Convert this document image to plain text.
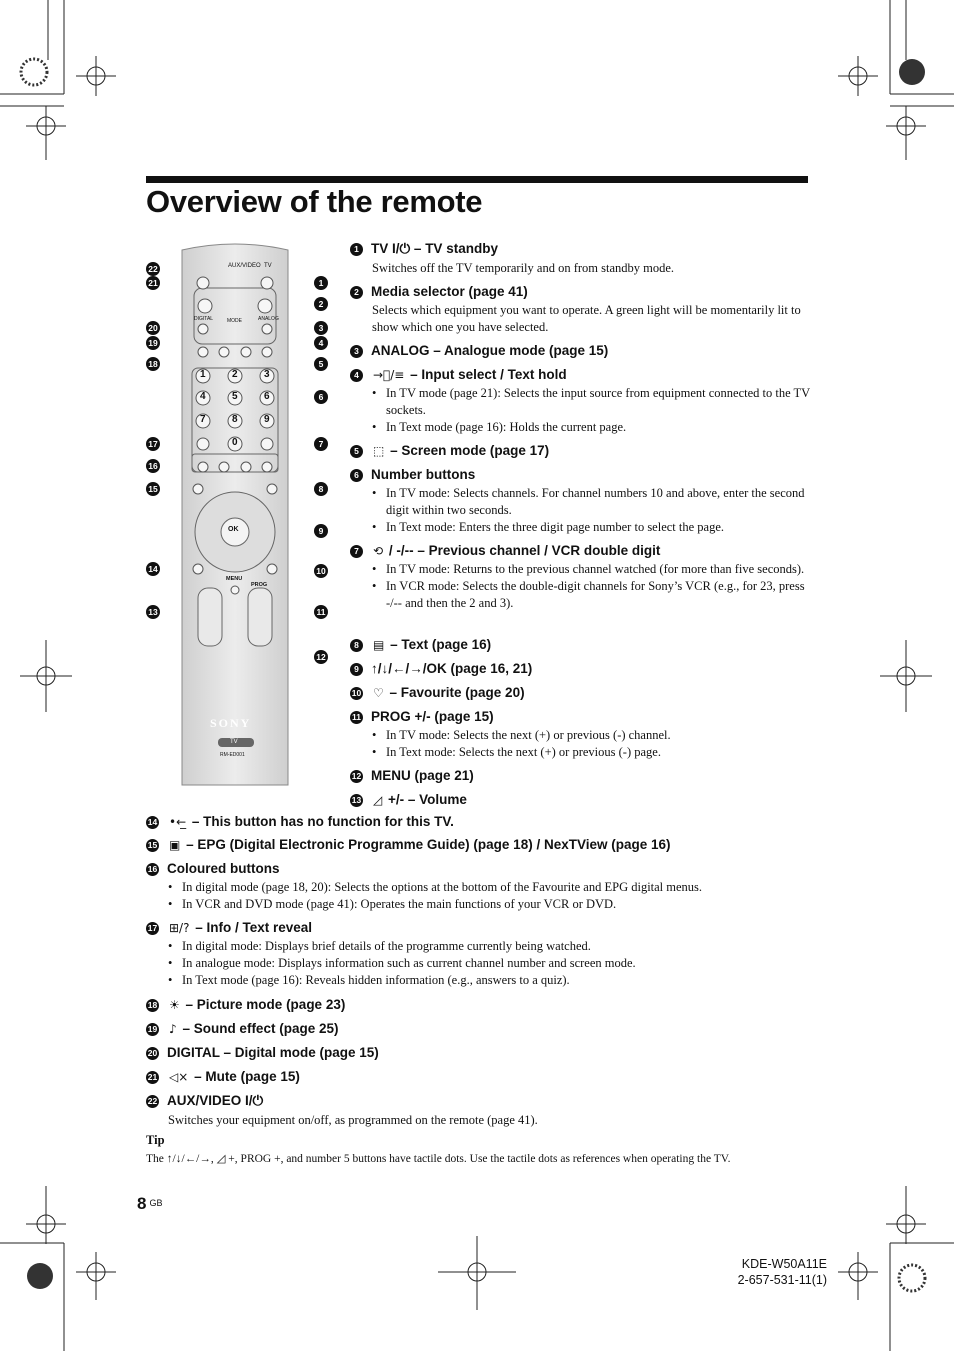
Overview of the remote
AUX/VIDEO TV
MODE
DIGITAL	ANALOG
1	2	3
4	5	6
7	8	9
0
OK
MENU
PROG
SONY
TV
RM-ED001
22
21
20
19
18
17
16
15
14
13
1
2
3
4
5
6
7
8
9
10
11
12
1 TV I/⏻ – TV standby
Switches off the TV temporarily and on from standby mode.
2 Media selector (page 41)
Selects which equipment you want to operate. A green light will be momentarily lit to show which one you have selected.
3 ANALOG – Analogue mode (page 15)
4 →⃝/≡ – Input select / Text hold
• In TV mode (page 21): Selects the input source from equipment connected to the TV sockets.
• In Text mode (page 16): Holds the current page.
5 ⬚ – Screen mode (page 17)
6 Number buttons
• In TV mode: Selects channels. For channel numbers 10 and above, enter the second digit within two seconds.
• In Text mode: Enters the three digit page number to select the page.
7 ⟲ / -/-- – Previous channel / VCR double digit
• In TV mode: Returns to the previous channel watched (for more than five seconds).
• In VCR mode: Selects the double-digit channels for Sony’s VCR (e.g., for 23, press -/-- and then the 2 and 3).
8 ▤ – Text (page 16)
9 ↑/↓/←/→/OK (page 16, 21)
10 ♡ – Favourite (page 20)
11 PROG +/- (page 15)
• In TV mode: Selects the next (+) or previous (-) channel.
• In Text mode: Selects the next (+) or previous (-) page.
12 MENU (page 21)
13 ◿ +/- – Volume
14 •←̲ – This button has no function for this TV.
15 ▣ – EPG (Digital Electronic Programme Guide) (page 18) / NexTView (page 16)
16 Coloured buttons
• In digital mode (page 18, 20): Selects the options at the bottom of the Favourite and EPG digital menus.
• In VCR and DVD mode (page 41): Operates the main functions of your VCR or DVD.
17 ⊞/? – Info / Text reveal
• In digital mode: Displays brief details of the programme currently being watched.
• In analogue mode: Displays information such as current channel number and screen mode.
• In Text mode (page 16): Reveals hidden information (e.g., answers to a quiz).
18 ☀ – Picture mode (page 23)
19 ♪ – Sound effect (page 25)
20 DIGITAL – Digital mode (page 15)
21 ◁× – Mute (page 15)
22 AUX/VIDEO I/⏻
Switches your equipment on/off, as programmed on the remote (page 41).
Tip
The ↑/↓/←/→, ◿ +, PROG +, and number 5 buttons have tactile dots. Use the tactile dots as references when operating the TV.
8 GB
KDE-W50A11E
2-657-531-11(1)
